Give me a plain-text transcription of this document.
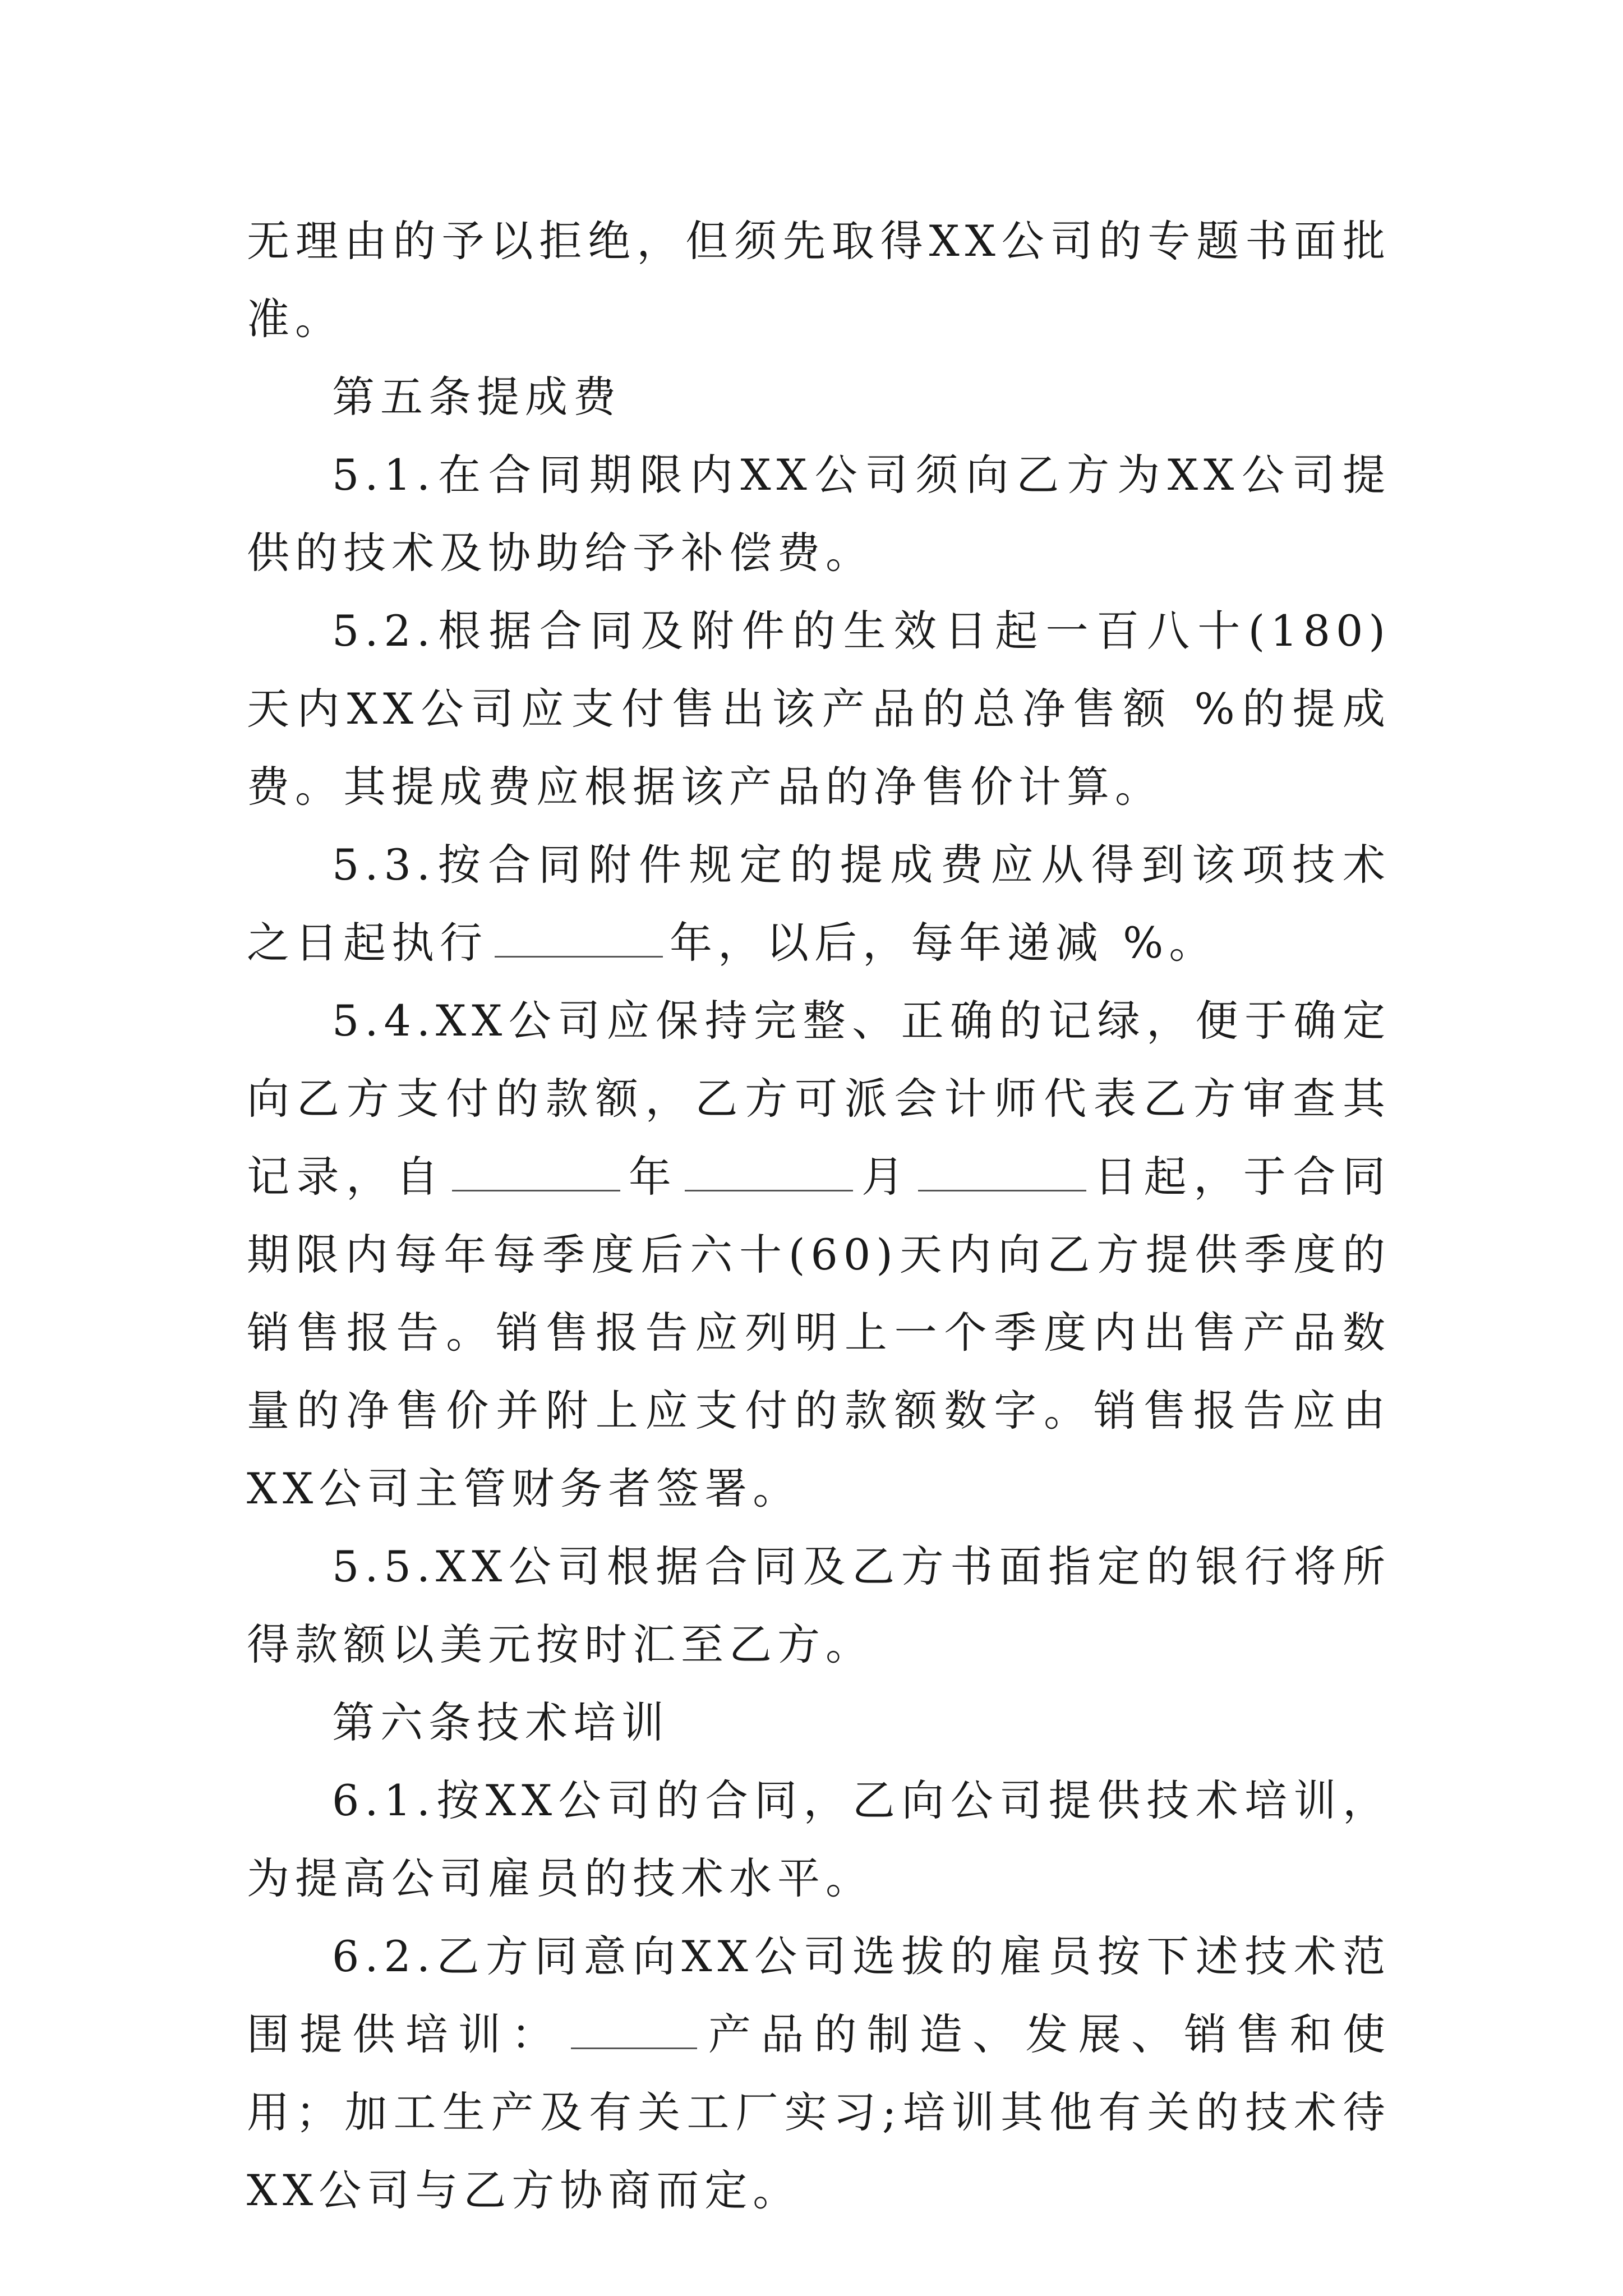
无理由的予以拒绝，但须先取得XX公司的专题书面批准。

第五条提成费

5.1.在合同期限内XX公司须向乙方为XX公司提供的技术及协助给予补偿费。

5.2.根据合同及附件的生效日起一百八十(180)天内XX公司应支付售出该产品的总净售额 %的提成费。其提成费应根据该产品的净售价计算。

5.3.按合同附件规定的提成费应从得到该项技术之日起执行	年，以后，每年递减 %。

5.4.XX公司应保持完整、正确的记绿，便于确定向乙方支付的款额，乙方可派会计师代表乙方审查其记录，自	年	月	日起，于合同期限内每年每季度后六十(60)天内向乙方提供季度的销售报告。销售报告应列明上一个季度内出售产品数量的净售价并附上应支付的款额数字。销售报告应由XX公司主管财务者签署。

5.5.XX公司根据合同及乙方书面指定的银行将所得款额以美元按时汇至乙方。

第六条技术培训

6.1.按XX公司的合同，乙向公司提供技术培训，为提高公司雇员的技术水平。

6.2.乙方同意向XX公司选拔的雇员按下述技术范围提供培训：	产品的制造、发展、销售和使用；加工生产及有关工厂实习;培训其他有关的技术待XX公司与乙方协商而定。
